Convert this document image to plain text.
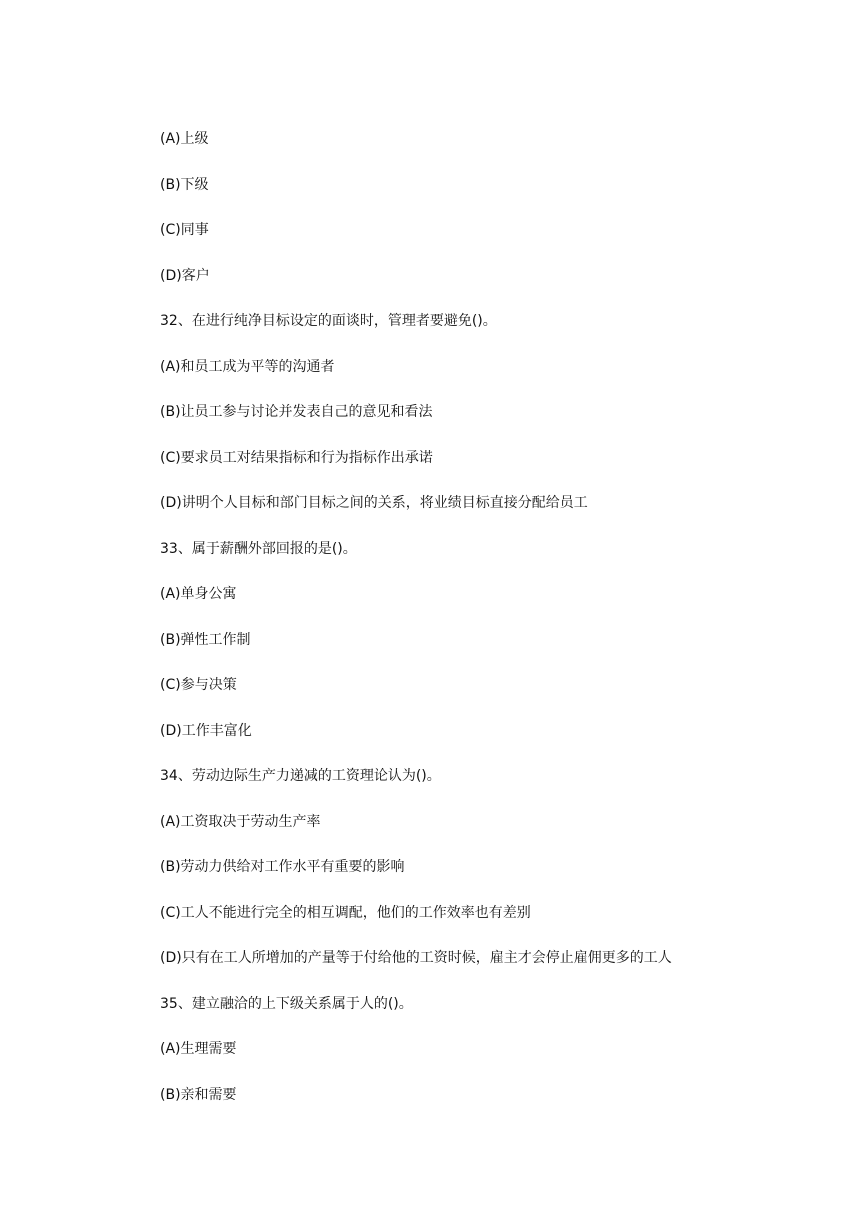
(A)上级
(B)下级
(C)同事
(D)客户
32、在进行纯净目标设定的面谈时，管理者要避免()。
(A)和员工成为平等的沟通者
(B)让员工参与讨论并发表自己的意见和看法
(C)要求员工对结果指标和行为指标作出承诺
(D)讲明个人目标和部门目标之间的关系，将业绩目标直接分配给员工
33、属于薪酬外部回报的是()。
(A)单身公寓
(B)弹性工作制
(C)参与决策
(D)工作丰富化
34、劳动边际生产力递减的工资理论认为()。
(A)工资取决于劳动生产率
(B)劳动力供给对工作水平有重要的影响
(C)工人不能进行完全的相互调配，他们的工作效率也有差别
(D)只有在工人所增加的产量等于付给他的工资时候，雇主才会停止雇佣更多的工人
35、建立融洽的上下级关系属于人的()。
(A)生理需要
(B)亲和需要
